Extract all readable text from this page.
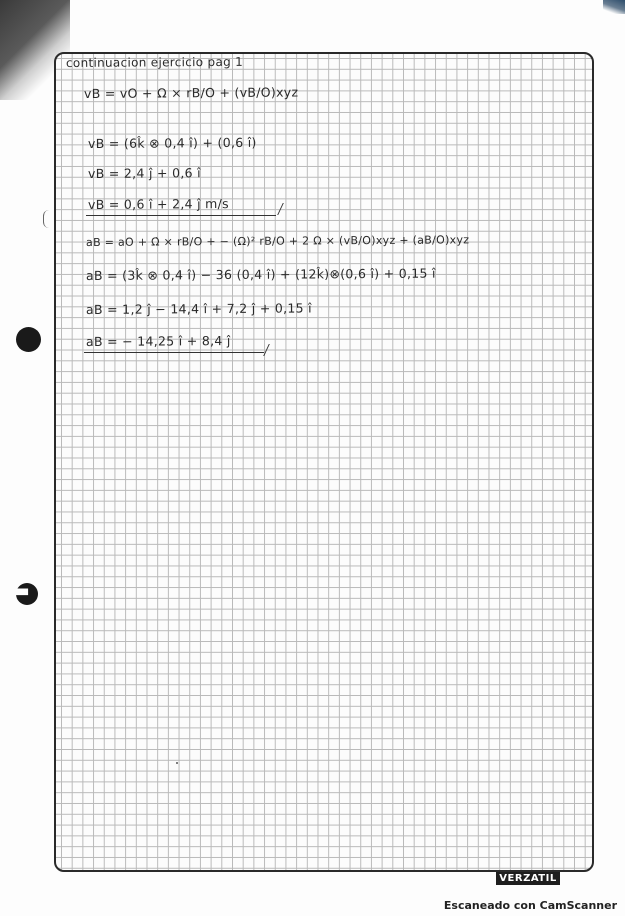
continuacion ejercicio pag 1
vB = vO + Ω × rB/O + (vB/O)xyz
vB = (6k̂ ⊗ 0,4 î) + (0,6 î)
vB = 2,4 ĵ + 0,6 î
vB = 0,6 î + 2,4 ĵ m/s
aB = aO + Ω̇ × rB/O + − (Ω)² rB/O + 2 Ω × (vB/O)xyz + (aB/O)xyz
aB = (3k̂ ⊗ 0,4 î) − 36 (0,4 î) + (12k̂)⊗(0,6 î) + 0,15 î
aB = 1,2 ĵ − 14,4 î + 7,2 ĵ + 0,15 î
aB = − 14,25 î + 8,4 ĵ
VERZATIL
Escaneado con CamScanner
